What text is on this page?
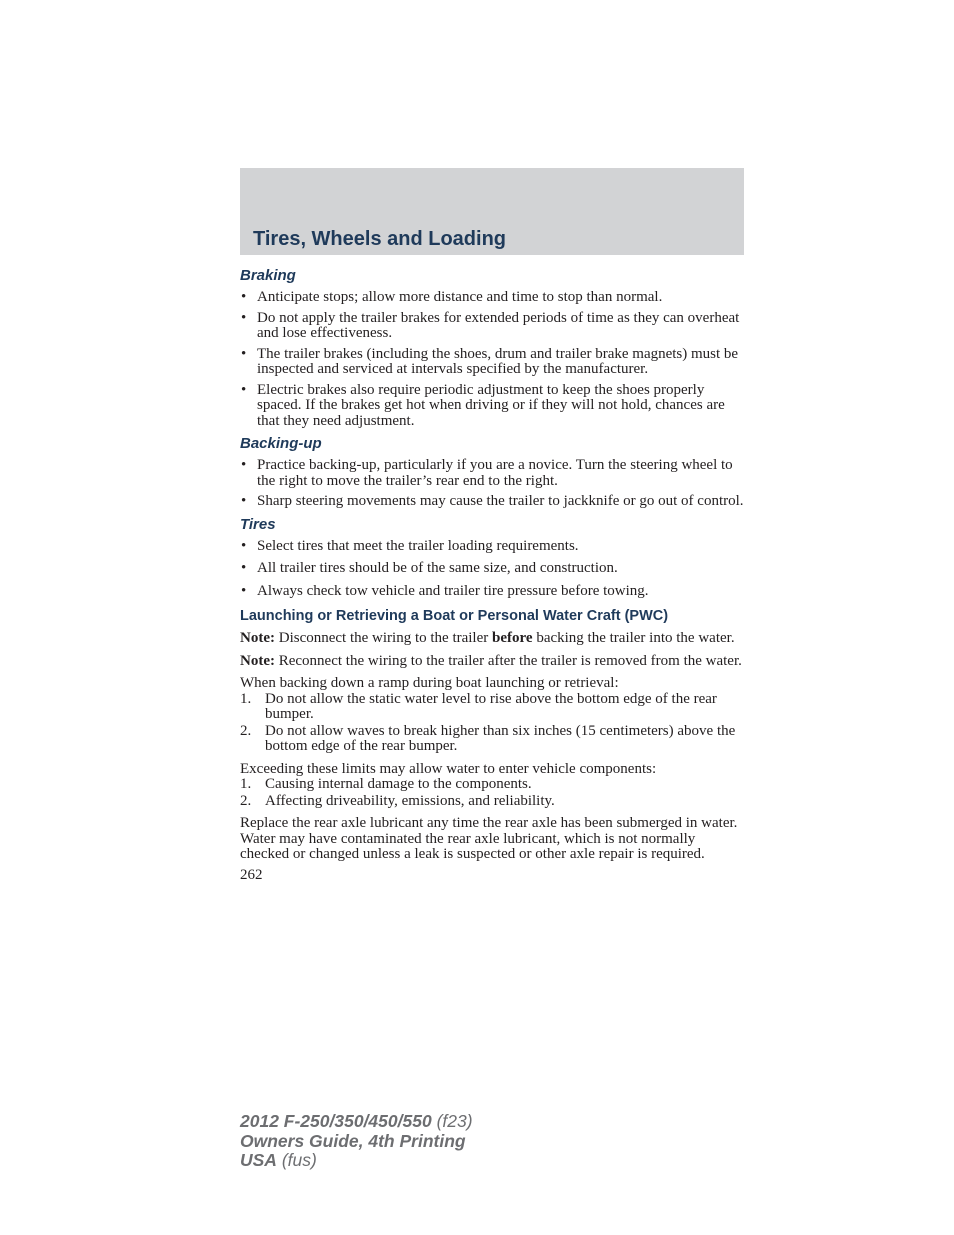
Tires, Wheels and Loading
Braking
• Anticipate stops; allow more distance and time to stop than normal.
• Do not apply the trailer brakes for extended periods of time as they can overheat and lose effectiveness.
• The trailer brakes (including the shoes, drum and trailer brake magnets) must be inspected and serviced at intervals specified by the manufacturer.
• Electric brakes also require periodic adjustment to keep the shoes properly spaced. If the brakes get hot when driving or if they will not hold, chances are that they need adjustment.
Backing-up
• Practice backing-up, particularly if you are a novice. Turn the steering wheel to the right to move the trailer’s rear end to the right.
• Sharp steering movements may cause the trailer to jackknife or go out of control.
Tires
• Select tires that meet the trailer loading requirements.
• All trailer tires should be of the same size, and construction.
• Always check tow vehicle and trailer tire pressure before towing.
Launching or Retrieving a Boat or Personal Water Craft (PWC)

Note: Disconnect the wiring to the trailer before backing the trailer into the water.

Note: Reconnect the wiring to the trailer after the trailer is removed from the water.

When backing down a ramp during boat launching or retrieval:

1. Do not allow the static water level to rise above the bottom edge of the rear bumper.
2. Do not allow waves to break higher than six inches (15 centimeters) above the bottom edge of the rear bumper.

Exceeding these limits may allow water to enter vehicle components:

1. Causing internal damage to the components.
2. Affecting driveability, emissions, and reliability.

Replace the rear axle lubricant any time the rear axle has been submerged in water. Water may have contaminated the rear axle lubricant, which is not normally checked or changed unless a leak is suspected or other axle repair is required.

262
2012 F-250/350/450/550 (f23)
Owners Guide, 4th Printing
USA (fus)
